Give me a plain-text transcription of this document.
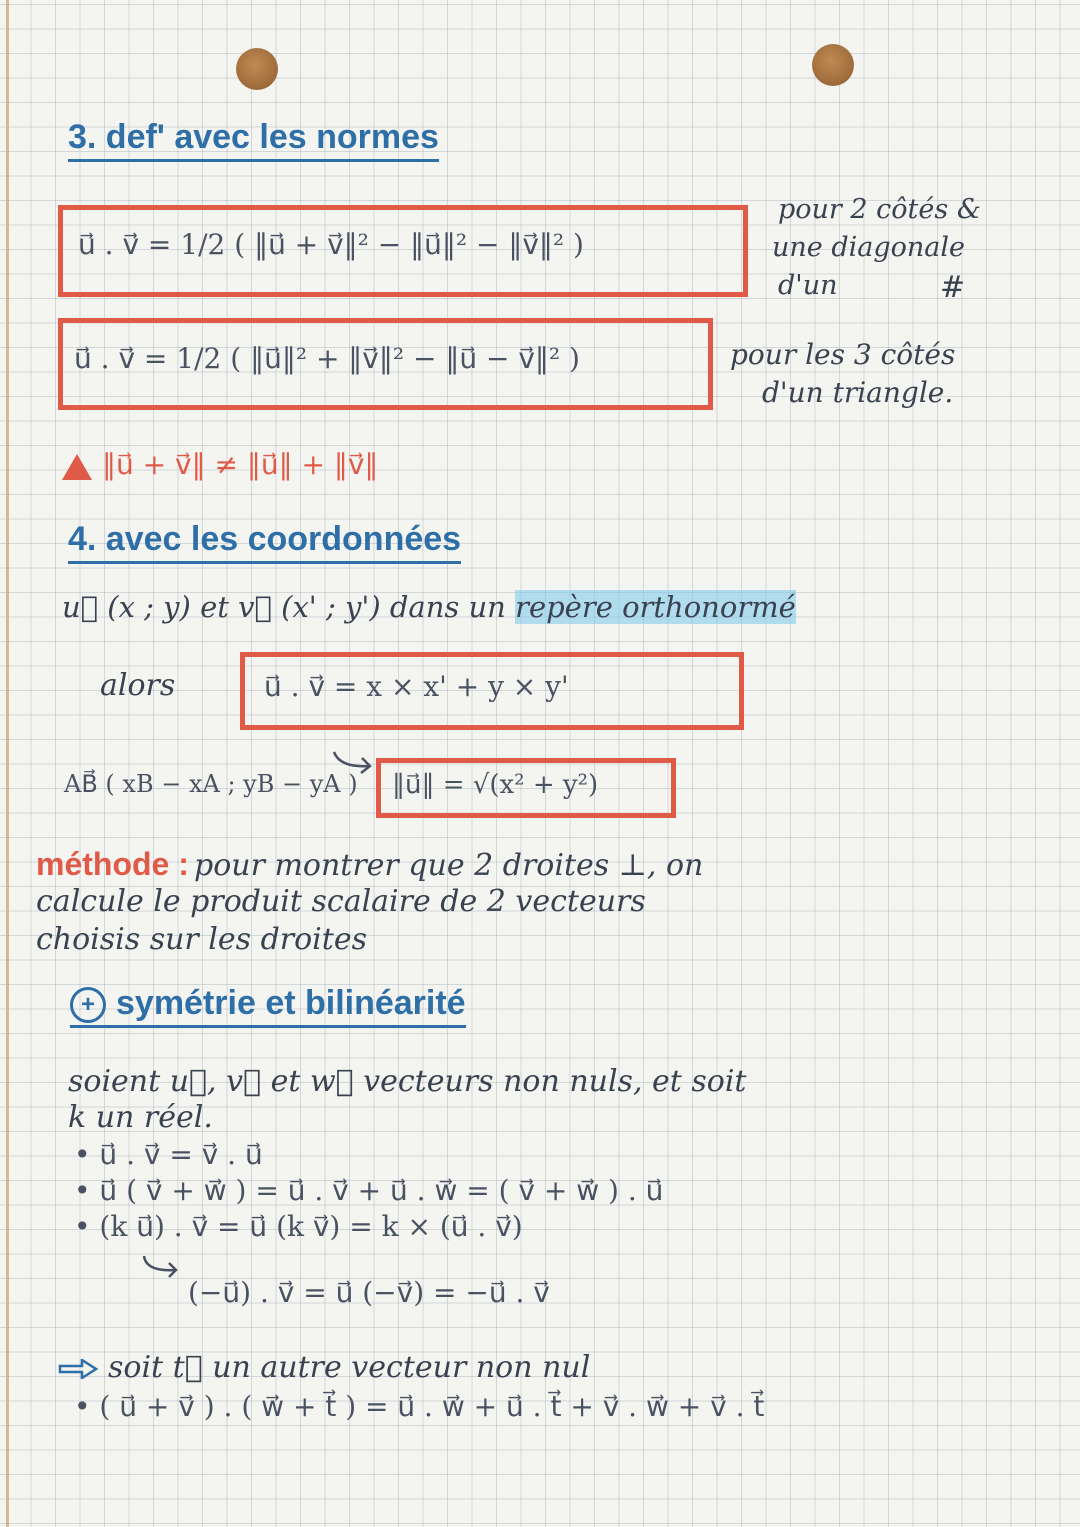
3. def' avec les normes
u⃗ . v⃗ = 1/2 ( ‖u⃗ + v⃗‖² − ‖u⃗‖² − ‖v⃗‖² )
pour 2 côtés &
une diagonale
d'un	#
u⃗ . v⃗ = 1/2 ( ‖u⃗‖² + ‖v⃗‖² − ‖u⃗ − v⃗‖² )	pour les 3 côtés
d'un triangle.
‖u⃗ + v⃗‖ ≠ ‖u⃗‖ + ‖v⃗‖
4. avec les coordonnées
u⃗ (x ; y) et v⃗ (x' ; y') dans un repère orthonormé
alors	u⃗ . v⃗ = x × x' + y × y'
AB⃗ ( xB − xA ; yB − yA ) ‖u⃗‖ = √(x² + y²)
méthode : pour montrer que 2 droites ⊥, on
calcule le produit scalaire de 2 vecteurs
choisis sur les droites
+ symétrie et bilinéarité
soient u⃗, v⃗ et w⃗ vecteurs non nuls, et soit
k un réel.
• u⃗ . v⃗ = v⃗ . u⃗
• u⃗ ( v⃗ + w⃗ ) = u⃗ . v⃗ + u⃗ . w⃗ = ( v⃗ + w⃗ ) . u⃗
• (k u⃗) . v⃗ = u⃗ (k v⃗) = k × (u⃗ . v⃗)
(−u⃗) . v⃗ = u⃗ (−v⃗) = −u⃗ . v⃗
soit t⃗ un autre vecteur non nul
• ( u⃗ + v⃗ ) . ( w⃗ + t⃗ ) = u⃗ . w⃗ + u⃗ . t⃗ + v⃗ . w⃗ + v⃗ . t⃗
